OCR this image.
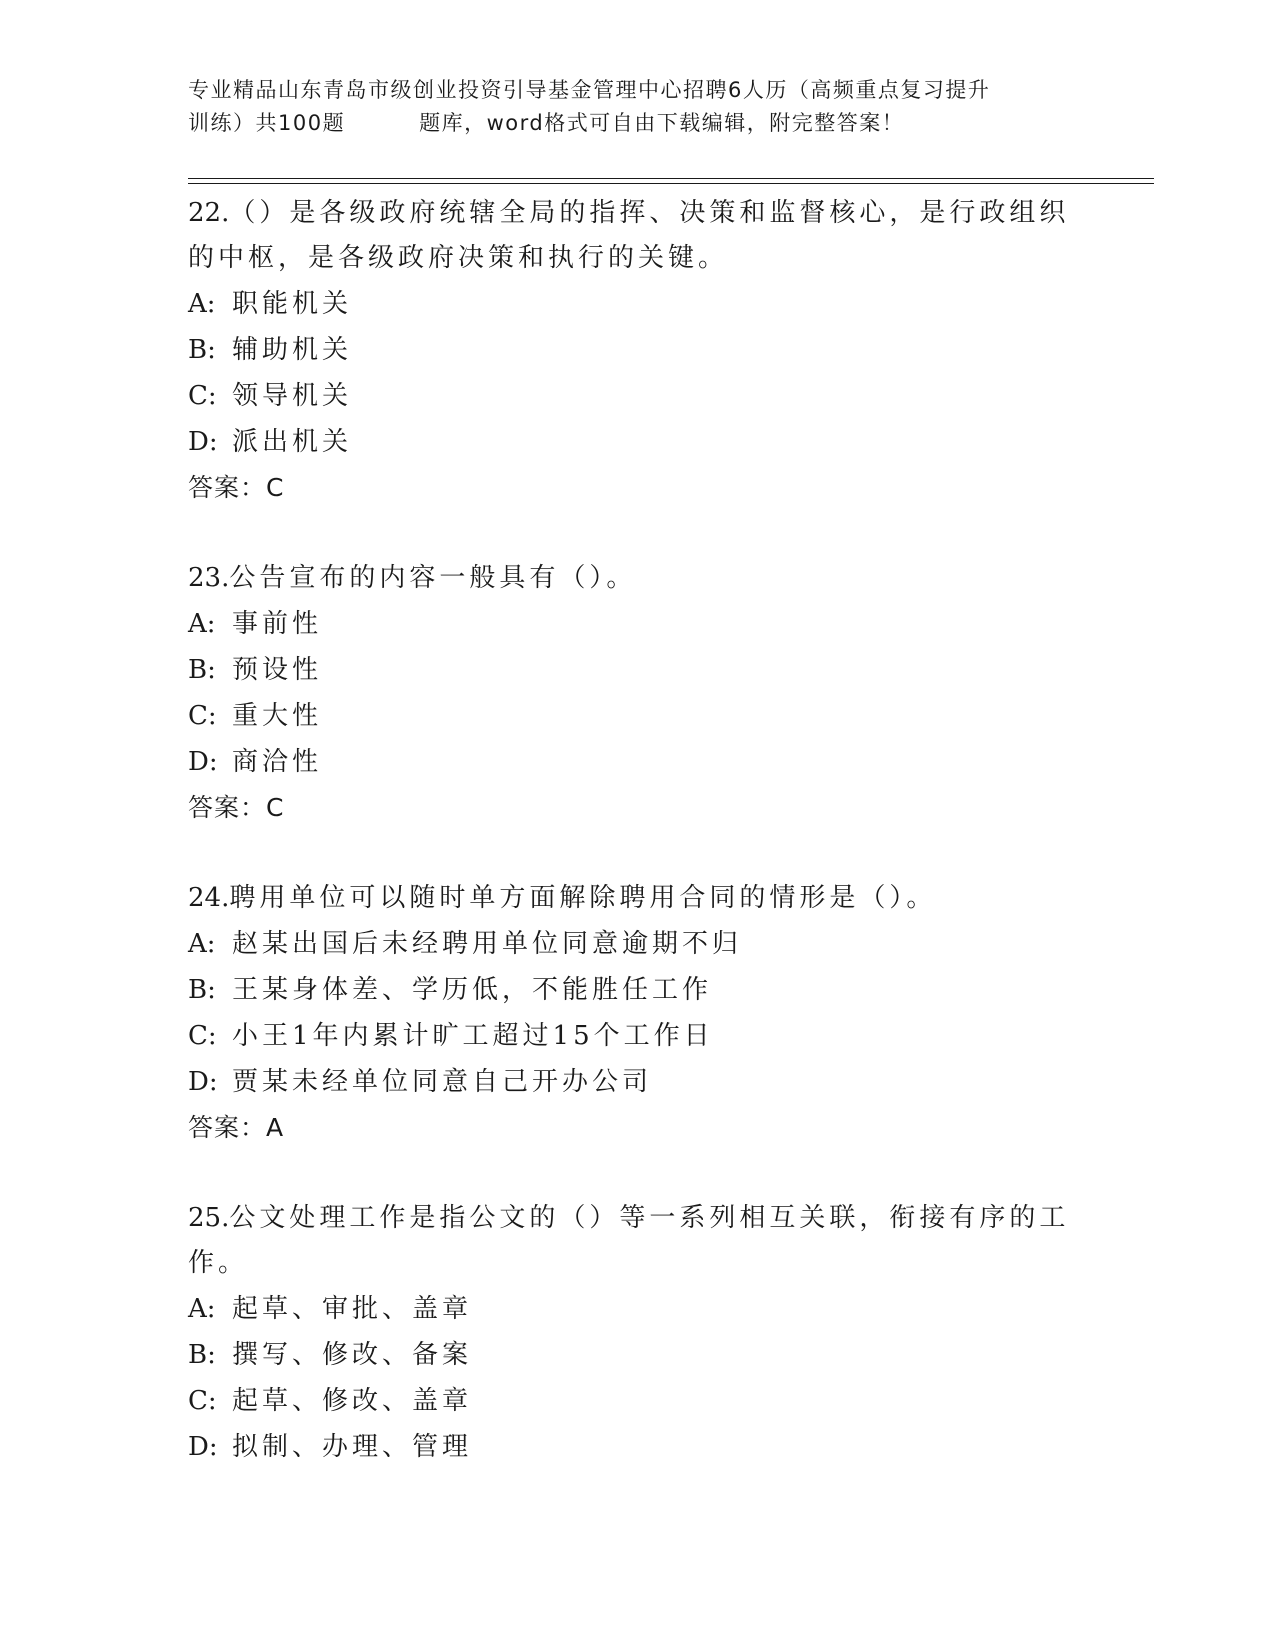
专业精品山东青岛市级创业投资引导基金管理中心招聘6人历（高频重点复习提升
训练）共100题	题库，word格式可自由下载编辑，附完整答案！
22.（）是各级政府统辖全局的指挥、决策和监督核心，是行政组织的中枢，是各级政府决策和执行的关键。
A: 职能机关
B: 辅助机关
C: 领导机关
D: 派出机关
答案：C
23.公告宣布的内容一般具有（）。
A: 事前性
B: 预设性
C: 重大性
D: 商洽性
答案：C
24.聘用单位可以随时单方面解除聘用合同的情形是（）。
A: 赵某出国后未经聘用单位同意逾期不归
B: 王某身体差、学历低，不能胜任工作
C: 小王1年内累计旷工超过15个工作日
D: 贾某未经单位同意自己开办公司
答案：A
25.公文处理工作是指公文的（）等一系列相互关联，衔接有序的工作。
A: 起草、审批、盖章
B: 撰写、修改、备案
C: 起草、修改、盖章
D: 拟制、办理、管理
